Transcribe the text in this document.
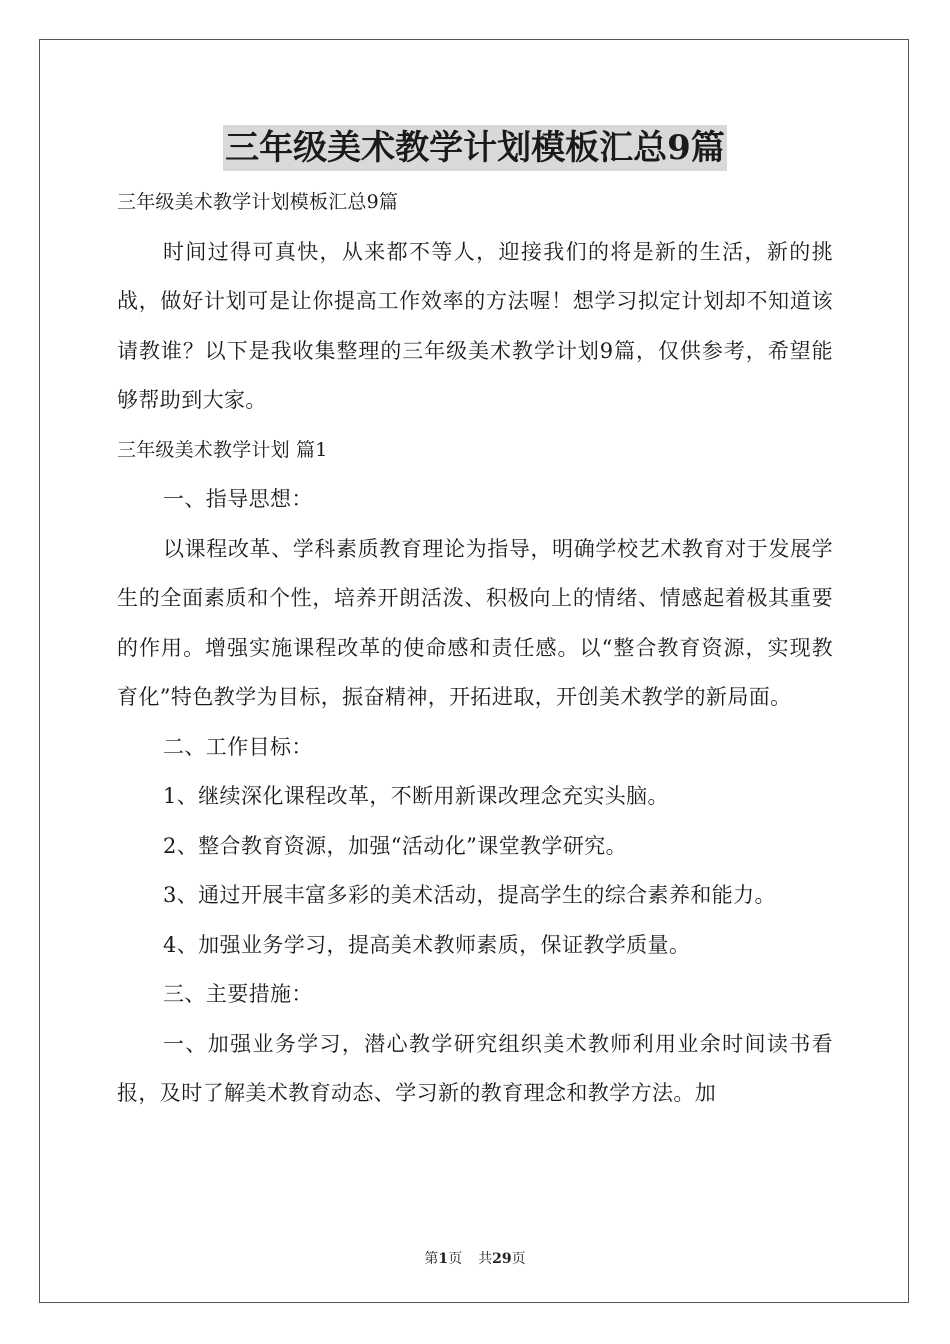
三年级美术教学计划模板汇总9篇

三年级美术教学计划模板汇总9篇

时间过得可真快，从来都不等人，迎接我们的将是新的生活，新的挑战，做好计划可是让你提高工作效率的方法喔！想学习拟定计划却不知道该请教谁？以下是我收集整理的三年级美术教学计划9篇，仅供参考，希望能够帮助到大家。

三年级美术教学计划 篇1

一、指导思想：

以课程改革、学科素质教育理论为指导，明确学校艺术教育对于发展学生的全面素质和个性，培养开朗活泼、积极向上的情绪、情感起着极其重要的作用。增强实施课程改革的使命感和责任感。以“整合教育资源，实现教育化”特色教学为目标，振奋精神，开拓进取，开创美术教学的新局面。

二、工作目标：

1、继续深化课程改革，不断用新课改理念充实头脑。

2、整合教育资源，加强“活动化”课堂教学研究。

3、通过开展丰富多彩的美术活动，提高学生的综合素养和能力。

4、加强业务学习，提高美术教师素质，保证教学质量。

三、主要措施：

一、加强业务学习，潜心教学研究组织美术教师利用业余时间读书看报，及时了解美术教育动态、学习新的教育理念和教学方法。加

第1页 共29页
